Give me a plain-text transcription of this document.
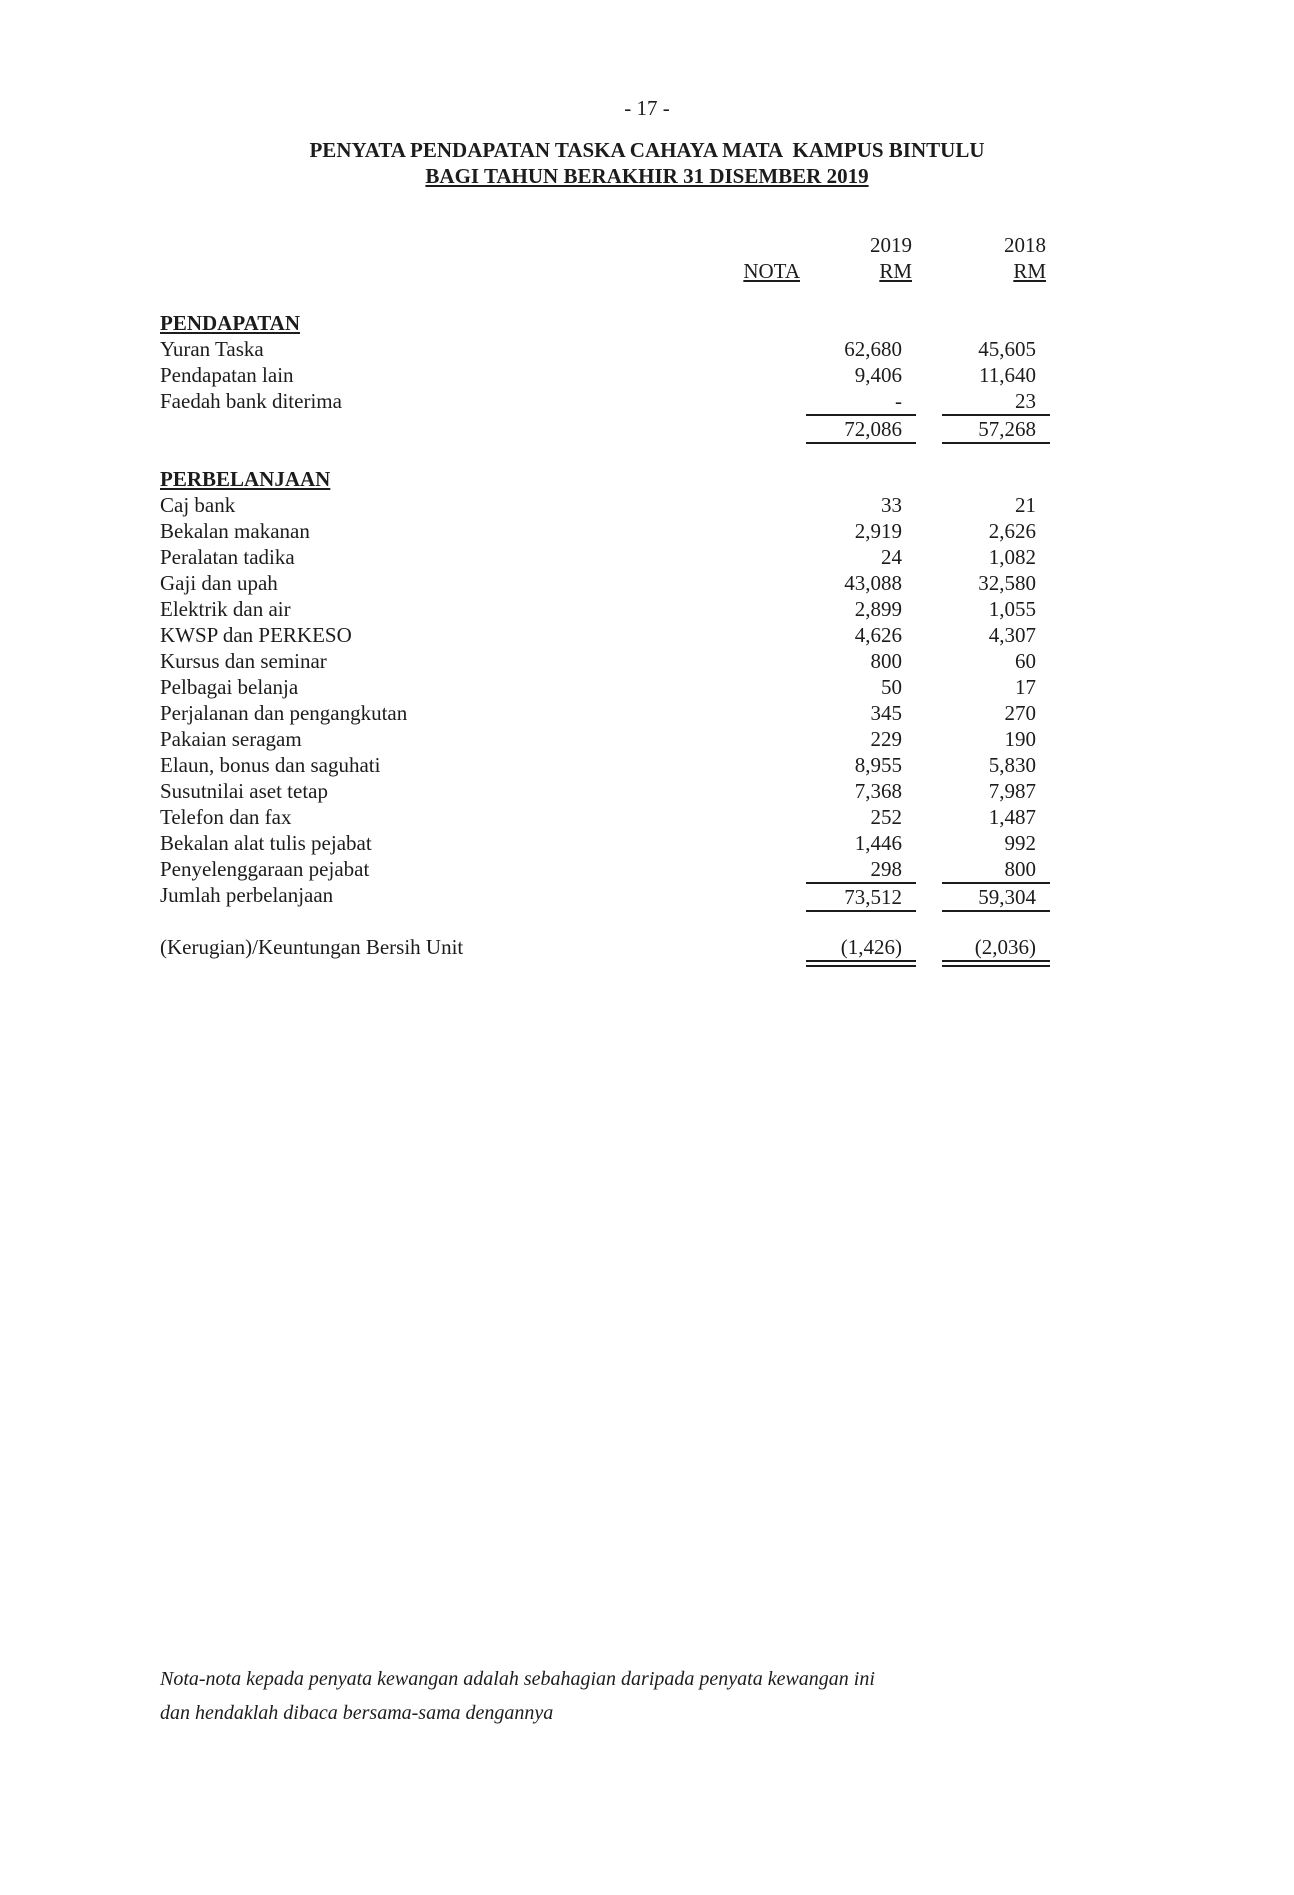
- 17 -
PENYATA PENDAPATAN TASKA CAHAYA MATA  KAMPUS BINTULU
BAGI TAHUN BERAKHIR 31 DISEMBER 2019
2019	2018
NOTA	RM	RM
PENDAPATAN
Yuran Taska	62,680	45,605
Pendapatan lain	9,406	11,640
Faedah bank diterima	-	23
72,086	57,268
PERBELANJAAN
Caj bank	33	21
Bekalan makanan	2,919	2,626
Peralatan tadika	24	1,082
Gaji dan upah	43,088	32,580
Elektrik dan air	2,899	1,055
KWSP dan PERKESO	4,626	4,307
Kursus dan seminar	800	60
Pelbagai belanja	50	17
Perjalanan dan pengangkutan	345	270
Pakaian seragam	229	190
Elaun, bonus dan saguhati	8,955	5,830
Susutnilai aset tetap	7,368	7,987
Telefon dan fax	252	1,487
Bekalan alat tulis pejabat	1,446	992
Penyelenggaraan pejabat	298	800
Jumlah perbelanjaan	73,512	59,304
(Kerugian)/Keuntungan Bersih Unit	(1,426)	(2,036)
Nota-nota kepada penyata kewangan adalah sebahagian daripada penyata kewangan ini
dan hendaklah dibaca bersama-sama dengannya
